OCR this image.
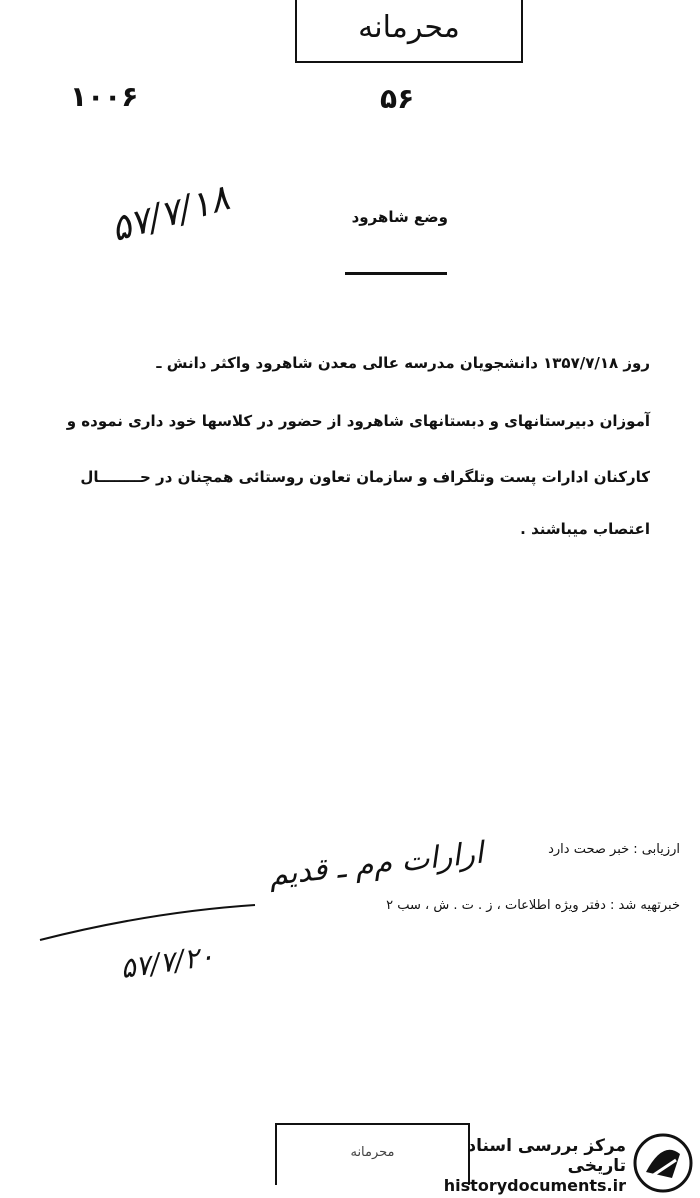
محرمانه
۱۰۰۶	۵۶
۵۷/۷/۱۸	وضع شاهرود
روز ۱۳۵۷/۷/۱۸ دانشجویان مدرسه عالی معدن شاهرود واکثر دانش ـ
آموزان دبیرستانهای و دبستانهای شاهرود از حضور در کلاسها خود داری نموده و
کارکنان ادارات پست وتلگراف و سازمان تعاون روستائی همچنان در حــــــــال
اعتصاب میباشند .
ارزیابی : خبر صحت دارد
خبرتهیه شد : دفتر ویژه اطلاعات ، ز . ت . ش ، سب ۲
ارارات م‌م ـ قدیم
۵۷/۷/۲۰
محرمانه	مرکز بررسی اسناد تاریخی
historydocuments.ir
